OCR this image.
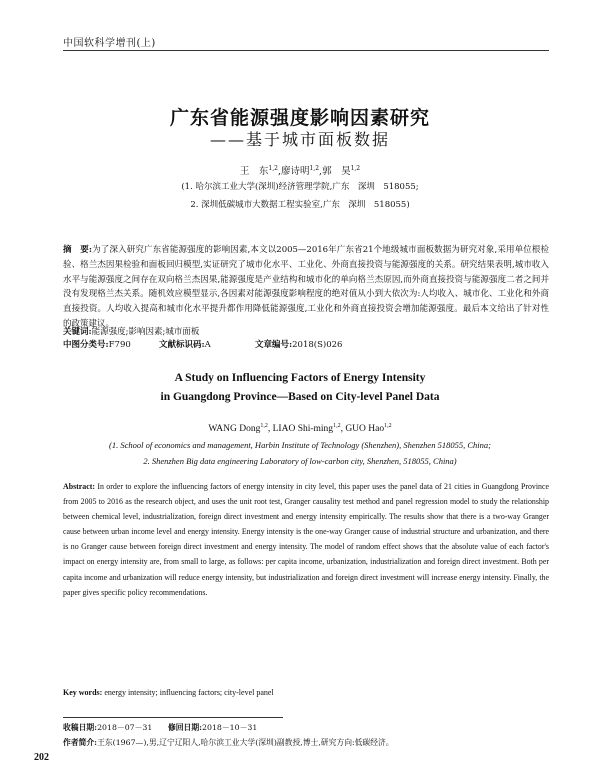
中国软科学增刊(上)
广东省能源强度影响因素研究
——基于城市面板数据
王　东$^{1,2}$,廖诗明$^{1,2}$,郭　昊$^{1,2}$
(1. 哈尔滨工业大学(深圳)经济管理学院,广东　深圳　518055;
2. 深圳低碳城市大数据工程实验室,广东　深圳　518055)
摘　要:为了深入研究广东省能源强度的影响因素,本文以2005—2016年广东省21个地级城市面板数据为研究对象,采用单位根检验、格兰杰因果检验和面板回归模型,实证研究了城市化水平、工业化、外商直接投资与能源强度的关系。研究结果表明,城市收入水平与能源强度之间存在双向格兰杰因果,能源强度是产业结构和城市化的单向格兰杰原因,而外商直接投资与能源强度二者之间并没有发现格兰杰关系。随机效应模型显示,各因素对能源强度影响程度的绝对值从小到大依次为:人均收入、城市化、工业化和外商直接投资。人均收入提高和城市化水平提升都作用降低能源强度,工业化和外商直接投资会增加能源强度。最后本文给出了针对性的政策建议。
关键词:能源强度;影响因素;城市面板
中图分类号:F790	文献标识码:A	文章编号:2018(S)026
A Study on Influencing Factors of Energy Intensity
in Guangdong Province—Based on City-level Panel Data
WANG Dong$^{1,2}$, LIAO Shi-ming$^{1,2}$, GUO Hao$^{1,2}$
(1. School of economics and management, Harbin Institute of Technology (Shenzhen), Shenzhen 518055, China;
2. Shenzhen Big data engineering Laboratory of low-carbon city, Shenzhen, 518055, China)
Abstract: In order to explore the influencing factors of energy intensity in city level, this paper uses the panel data of 21 cities in Guangdong Province from 2005 to 2016 as the research object, and uses the unit root test, Granger causality test method and panel regression model to study the relationship between chemical level, industrialization, foreign direct investment and energy intensity empirically. The results show that there is a two-way Granger cause between urban income level and energy intensity. Energy intensity is the one-way Granger cause of industrial structure and urbanization, and there is no Granger cause between foreign direct investment and energy intensity. The model of random effect shows that the absolute value of each factor's impact on energy intensity are, from small to large, as follows: per capita income, urbanization, industrialization and foreign direct investment. Both per capita income and urbanization will reduce energy intensity, but industrialization and foreign direct investment will increase energy intensity. Finally, the paper gives specific policy recommendations.
Key words: energy intensity; influencing factors; city-level panel
收稿日期:2018－07－31　　 修回日期:2018－10－31
作者简介:王东(1967—),男,辽宁辽阳人,哈尔滨工业大学(深圳)副教授,博士,研究方向:低碳经济。
202
